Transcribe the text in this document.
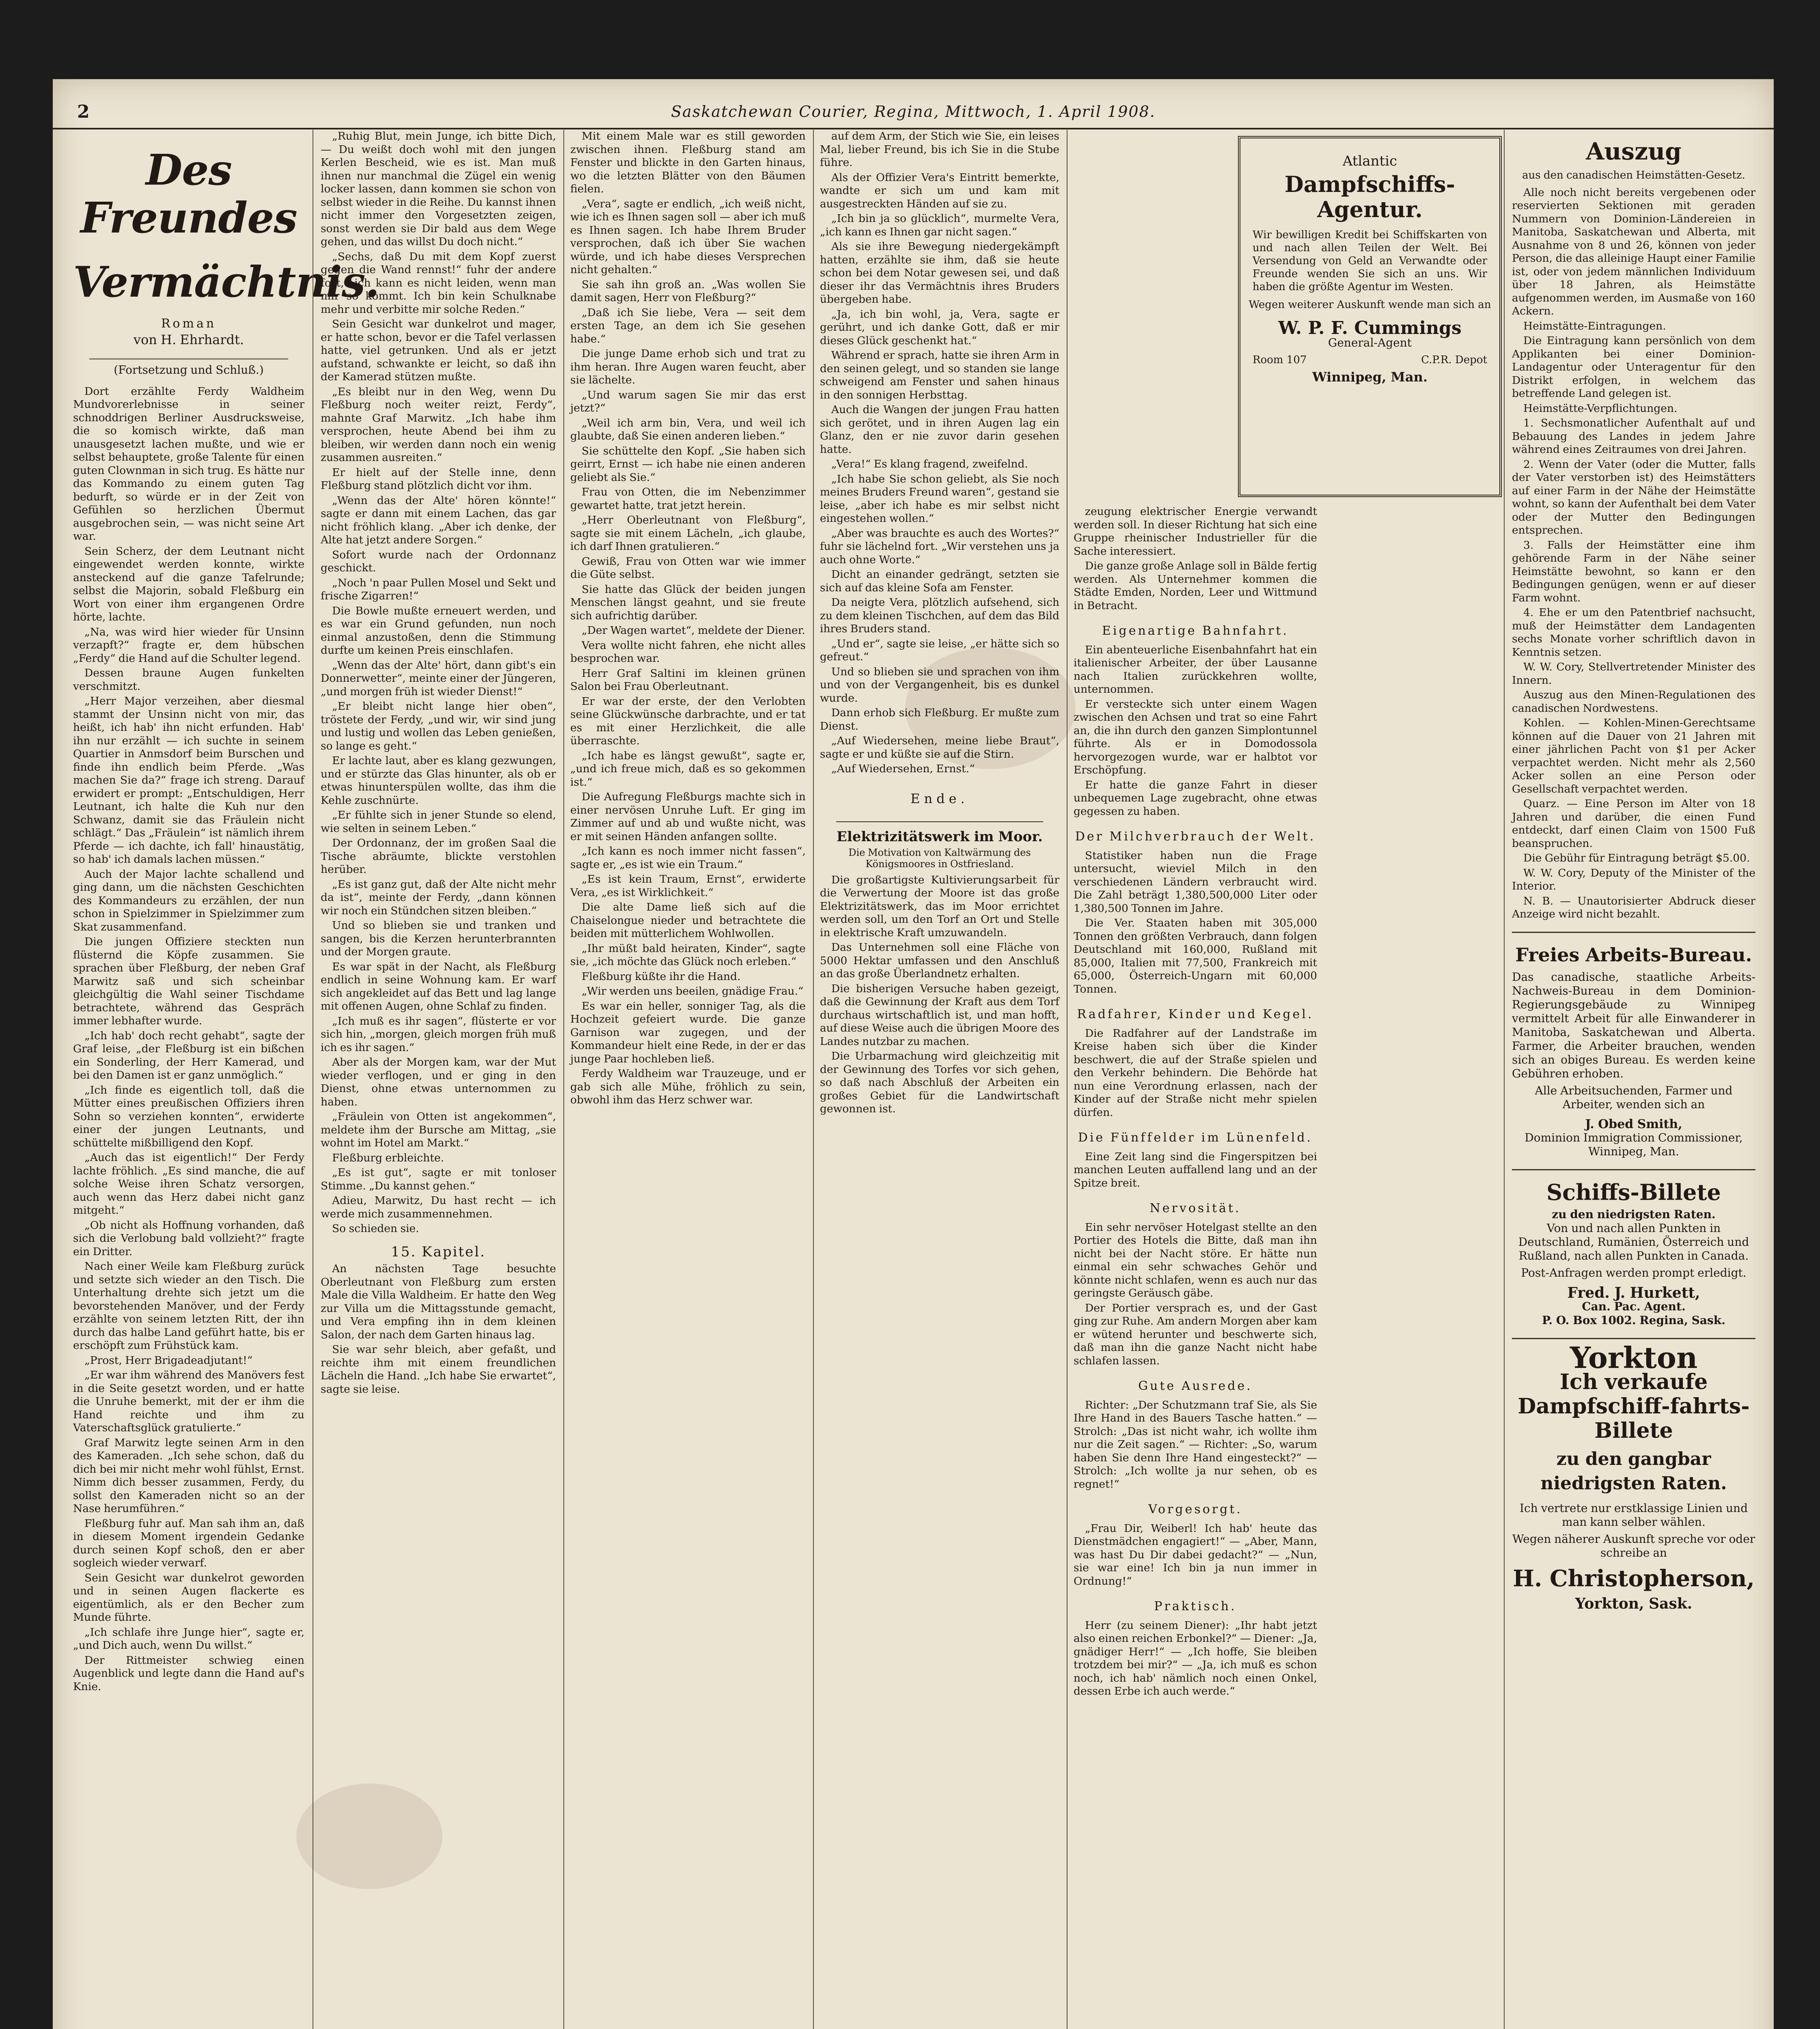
2	Saskatchewan Courier, Regina, Mittwoch, 1. April 1908.
Des Freundes
Vermächtnis.
Roman
von H. Ehrhardt.
(Fortsetzung und Schluß.)

Dort erzählte Ferdy Waldheim Mundvorerlebnisse in seiner schnoddrigen Berliner Ausdrucksweise, die so komisch wirkte, daß man unausgesetzt lachen mußte, und wie er selbst behauptete, große Talente für einen guten Clownman in sich trug. Es hätte nur das Kommando zu einem guten Tag bedurft, so würde er in der Zeit von Gefühlen so herzlichen Übermut ausgebrochen sein, — was nicht seine Art war.

Sein Scherz, der dem Leutnant nicht eingewendet werden konnte, wirkte ansteckend auf die ganze Tafelrunde; selbst die Majorin, sobald Fleßburg ein Wort von einer ihm ergangenen Ordre hörte, lachte.

„Na, was wird hier wieder für Unsinn verzapft?“ fragte er, dem hübschen „Ferdy“ die Hand auf die Schulter legend.

Dessen braune Augen funkelten verschmitzt.

„Herr Major verzeihen, aber diesmal stammt der Unsinn nicht von mir, das heißt, ich hab' ihn nicht erfunden. Hab' ihn nur erzählt — ich suchte in seinem Quartier in Anmsdorf beim Burschen und finde ihn endlich beim Pferde. „Was machen Sie da?“ frage ich streng. Darauf erwidert er prompt: „Entschuldigen, Herr Leutnant, ich halte die Kuh nur den Schwanz, damit sie das Fräulein nicht schlägt.“ Das „Fräulein“ ist nämlich ihrem Pferde — ich dachte, ich fall' hinaustätig, so hab' ich damals lachen müssen.“

Auch der Major lachte schallend und ging dann, um die nächsten Geschichten des Kommandeurs zu erzählen, der nun schon in Spielzimmer in Spielzimmer zum Skat zusammenfand.

Die jungen Offiziere steckten nun flüsternd die Köpfe zusammen. Sie sprachen über Fleßburg, der neben Graf Marwitz saß und sich scheinbar gleichgültig die Wahl seiner Tischdame betrachtete, während das Gespräch immer lebhafter wurde.

„Ich hab' doch recht gehabt“, sagte der Graf leise, „der Fleßburg ist ein bißchen ein Sonderling, der Herr Kamerad, und bei den Damen ist er ganz unmöglich.“

„Ich finde es eigentlich toll, daß die Mütter eines preußischen Offiziers ihren Sohn so verziehen konnten“, erwiderte einer der jungen Leutnants, und schüttelte mißbilligend den Kopf.

„Auch das ist eigentlich!“ Der Ferdy lachte fröhlich. „Es sind manche, die auf solche Weise ihren Schatz versorgen, auch wenn das Herz dabei nicht ganz mitgeht.“

„Ob nicht als Hoffnung vorhanden, daß sich die Verlobung bald vollzieht?“ fragte ein Dritter.

Nach einer Weile kam Fleßburg zurück und setzte sich wieder an den Tisch. Die Unterhaltung drehte sich jetzt um die bevorstehenden Manöver, und der Ferdy erzählte von seinem letzten Ritt, der ihn durch das halbe Land geführt hatte, bis er erschöpft zum Frühstück kam.

„Prost, Herr Brigadeadjutant!“

„Er war ihm während des Manövers fest in die Seite gesetzt worden, und er hatte die Unruhe bemerkt, mit der er ihm die Hand reichte und ihm zu Vaterschaftsglück gratulierte.“

Graf Marwitz legte seinen Arm in den des Kameraden. „Ich sehe schon, daß du dich bei mir nicht mehr wohl fühlst, Ernst. Nimm dich besser zusammen, Ferdy, du sollst den Kameraden nicht so an der Nase herumführen.“

Fleßburg fuhr auf. Man sah ihm an, daß in diesem Moment irgendein Gedanke durch seinen Kopf schoß, den er aber sogleich wieder verwarf.

Sein Gesicht war dunkelrot geworden und in seinen Augen flackerte es eigentümlich, als er den Becher zum Munde führte.

„Ich schlafe ihre Junge hier“, sagte er, „und Dich auch, wenn Du willst.“

Der Rittmeister schwieg einen Augenblick und legte dann die Hand auf's Knie.

„Ruhig Blut, mein Junge, ich bitte Dich, — Du weißt doch wohl mit den jungen Kerlen Bescheid, wie es ist. Man muß ihnen nur manchmal die Zügel ein wenig locker lassen, dann kommen sie schon von selbst wieder in die Reihe. Du kannst ihnen nicht immer den Vorgesetzten zeigen, sonst werden sie Dir bald aus dem Wege gehen, und das willst Du doch nicht.“

„Sechs, daß Du mit dem Kopf zuerst gegen die Wand rennst!“ fuhr der andere fort, „ich kann es nicht leiden, wenn man mir so kommt. Ich bin kein Schulknabe mehr und verbitte mir solche Reden.“

Sein Gesicht war dunkelrot und mager, er hatte schon, bevor er die Tafel verlassen hatte, viel getrunken. Und als er jetzt aufstand, schwankte er leicht, so daß ihn der Kamerad stützen mußte.

„Es bleibt nur in den Weg, wenn Du Fleßburg noch weiter reizt, Ferdy“, mahnte Graf Marwitz. „Ich habe ihm versprochen, heute Abend bei ihm zu bleiben, wir werden dann noch ein wenig zusammen ausreiten.“

Er hielt auf der Stelle inne, denn Fleßburg stand plötzlich dicht vor ihm.

„Wenn das der Alte' hören könnte!“ sagte er dann mit einem Lachen, das gar nicht fröhlich klang. „Aber ich denke, der Alte hat jetzt andere Sorgen.“

Sofort wurde nach der Ordonnanz geschickt.

„Noch 'n paar Pullen Mosel und Sekt und frische Zigarren!“

Die Bowle mußte erneuert werden, und es war ein Grund gefunden, nun noch einmal anzustoßen, denn die Stimmung durfte um keinen Preis einschlafen.

„Wenn das der Alte' hört, dann gibt's ein Donnerwetter“, meinte einer der Jüngeren, „und morgen früh ist wieder Dienst!“

„Er bleibt nicht lange hier oben“, tröstete der Ferdy, „und wir, wir sind jung und lustig und wollen das Leben genießen, so lange es geht.“

Er lachte laut, aber es klang gezwungen, und er stürzte das Glas hinunter, als ob er etwas hinunterspülen wollte, das ihm die Kehle zuschnürte.

„Er fühlte sich in jener Stunde so elend, wie selten in seinem Leben.“

Der Ordonnanz, der im großen Saal die Tische abräumte, blickte verstohlen herüber.

„Es ist ganz gut, daß der Alte nicht mehr da ist“, meinte der Ferdy, „dann können wir noch ein Stündchen sitzen bleiben.“

Und so blieben sie und tranken und sangen, bis die Kerzen herunterbrannten und der Morgen graute.

Es war spät in der Nacht, als Fleßburg endlich in seine Wohnung kam. Er warf sich angekleidet auf das Bett und lag lange mit offenen Augen, ohne Schlaf zu finden.

„Ich muß es ihr sagen“, flüsterte er vor sich hin, „morgen, gleich morgen früh muß ich es ihr sagen.“

Aber als der Morgen kam, war der Mut wieder verflogen, und er ging in den Dienst, ohne etwas unternommen zu haben.

„Fräulein von Otten ist angekommen“, meldete ihm der Bursche am Mittag, „sie wohnt im Hotel am Markt.“

Fleßburg erbleichte.

„Es ist gut“, sagte er mit tonloser Stimme. „Du kannst gehen.“

Adieu, Marwitz, Du hast recht — ich werde mich zusammennehmen.

So schieden sie.

15. Kapitel.

An nächsten Tage besuchte Oberleutnant von Fleßburg zum ersten Male die Villa Waldheim. Er hatte den Weg zur Villa um die Mittagsstunde gemacht, und Vera empfing ihn in dem kleinen Salon, der nach dem Garten hinaus lag.

Sie war sehr bleich, aber gefaßt, und reichte ihm mit einem freundlichen Lächeln die Hand. „Ich habe Sie erwartet“, sagte sie leise.

Mit einem Male war es still geworden zwischen ihnen. Fleßburg stand am Fenster und blickte in den Garten hinaus, wo die letzten Blätter von den Bäumen fielen.

„Vera“, sagte er endlich, „ich weiß nicht, wie ich es Ihnen sagen soll — aber ich muß es Ihnen sagen. Ich habe Ihrem Bruder versprochen, daß ich über Sie wachen würde, und ich habe dieses Versprechen nicht gehalten.“

Sie sah ihn groß an. „Was wollen Sie damit sagen, Herr von Fleßburg?“

„Daß ich Sie liebe, Vera — seit dem ersten Tage, an dem ich Sie gesehen habe.“

Die junge Dame erhob sich und trat zu ihm heran. Ihre Augen waren feucht, aber sie lächelte.

„Und warum sagen Sie mir das erst jetzt?“

„Weil ich arm bin, Vera, und weil ich glaubte, daß Sie einen anderen lieben.“

Sie schüttelte den Kopf. „Sie haben sich geirrt, Ernst — ich habe nie einen anderen geliebt als Sie.“

Frau von Otten, die im Nebenzimmer gewartet hatte, trat jetzt herein.

„Herr Oberleutnant von Fleßburg“, sagte sie mit einem Lächeln, „ich glaube, ich darf Ihnen gratulieren.“

Gewiß, Frau von Otten war wie immer die Güte selbst.

Sie hatte das Glück der beiden jungen Menschen längst geahnt, und sie freute sich aufrichtig darüber.

„Der Wagen wartet“, meldete der Diener.

Vera wollte nicht fahren, ehe nicht alles besprochen war.

Herr Graf Saltini im kleinen grünen Salon bei Frau Oberleutnant.

Er war der erste, der den Verlobten seine Glückwünsche darbrachte, und er tat es mit einer Herzlichkeit, die alle überraschte.

„Ich habe es längst gewußt“, sagte er, „und ich freue mich, daß es so gekommen ist.“

Die Aufregung Fleßburgs machte sich in einer nervösen Unruhe Luft. Er ging im Zimmer auf und ab und wußte nicht, was er mit seinen Händen anfangen sollte.

„Ich kann es noch immer nicht fassen“, sagte er, „es ist wie ein Traum.“

„Es ist kein Traum, Ernst“, erwiderte Vera, „es ist Wirklichkeit.“

Die alte Dame ließ sich auf die Chaiselongue nieder und betrachtete die beiden mit mütterlichem Wohlwollen.

„Ihr müßt bald heiraten, Kinder“, sagte sie, „ich möchte das Glück noch erleben.“

Fleßburg küßte ihr die Hand.

„Wir werden uns beeilen, gnädige Frau.“

Es war ein heller, sonniger Tag, als die Hochzeit gefeiert wurde. Die ganze Garnison war zugegen, und der Kommandeur hielt eine Rede, in der er das junge Paar hochleben ließ.

Ferdy Waldheim war Trauzeuge, und er gab sich alle Mühe, fröhlich zu sein, obwohl ihm das Herz schwer war.

auf dem Arm, der Stich wie Sie, ein leises Mal, lieber Freund, bis ich Sie in die Stube führe.

Als der Offizier Vera's Eintritt bemerkte, wandte er sich um und kam mit ausgestreckten Händen auf sie zu.

„Ich bin ja so glücklich“, murmelte Vera, „ich kann es Ihnen gar nicht sagen.“

Als sie ihre Bewegung niedergekämpft hatten, erzählte sie ihm, daß sie heute schon bei dem Notar gewesen sei, und daß dieser ihr das Vermächtnis ihres Bruders übergeben habe.

„Ja, ich bin wohl, ja, Vera, sagte er gerührt, und ich danke Gott, daß er mir dieses Glück geschenkt hat.“

Während er sprach, hatte sie ihren Arm in den seinen gelegt, und so standen sie lange schweigend am Fenster und sahen hinaus in den sonnigen Herbsttag.

Auch die Wangen der jungen Frau hatten sich gerötet, und in ihren Augen lag ein Glanz, den er nie zuvor darin gesehen hatte.

„Vera!“ Es klang fragend, zweifelnd.

„Ich habe Sie schon geliebt, als Sie noch meines Bruders Freund waren“, gestand sie leise, „aber ich habe es mir selbst nicht eingestehen wollen.“

„Aber was brauchte es auch des Wortes?“ fuhr sie lächelnd fort. „Wir verstehen uns ja auch ohne Worte.“

Dicht an einander gedrängt, setzten sie sich auf das kleine Sofa am Fenster.

Da neigte Vera, plötzlich aufsehend, sich zu dem kleinen Tischchen, auf dem das Bild ihres Bruders stand.

„Und er“, sagte sie leise, „er hätte sich so gefreut.“

Und so blieben sie und sprachen von ihm und von der Vergangenheit, bis es dunkel wurde.

Dann erhob sich Fleßburg. Er mußte zum Dienst.

„Auf Wiedersehen, meine liebe Braut“, sagte er und küßte sie auf die Stirn.

„Auf Wiedersehen, Ernst.“

Ende.
Elektrizitätswerk im Moor.
Die Motivation von Kaltwärmung des Königsmoores in Ostfriesland.

Die großartigste Kultivierungsarbeit für die Verwertung der Moore ist das große Elektrizitätswerk, das im Moor errichtet werden soll, um den Torf an Ort und Stelle in elektrische Kraft umzuwandeln.

Das Unternehmen soll eine Fläche von 5000 Hektar umfassen und den Anschluß an das große Überlandnetz erhalten.

Die bisherigen Versuche haben gezeigt, daß die Gewinnung der Kraft aus dem Torf durchaus wirtschaftlich ist, und man hofft, auf diese Weise auch die übrigen Moore des Landes nutzbar zu machen.

Die Urbarmachung wird gleichzeitig mit der Gewinnung des Torfes vor sich gehen, so daß nach Abschluß der Arbeiten ein großes Gebiet für die Landwirtschaft gewonnen ist.

Atlantic
Dampfschiffs-Agentur.
Wir bewilligen Kredit bei Schiffskarten von und nach allen Teilen der Welt. Bei Versendung von Geld an Verwandte oder Freunde wenden Sie sich an uns. Wir haben die größte Agentur im Westen.
Wegen weiterer Auskunft wende man sich an
W. P. F. Cummings
General-Agent
Room 107	C.P.R. Depot
Winnipeg, Man.

zeugung elektrischer Energie verwandt werden soll. In dieser Richtung hat sich eine Gruppe rheinischer Industrieller für die Sache interessiert.

Die ganze große Anlage soll in Bälde fertig werden. Als Unternehmer kommen die Städte Emden, Norden, Leer und Wittmund in Betracht.

Eigenartige Bahnfahrt.

Ein abenteuerliche Eisenbahnfahrt hat ein italienischer Arbeiter, der über Lausanne nach Italien zurückkehren wollte, unternommen.

Er versteckte sich unter einem Wagen zwischen den Achsen und trat so eine Fahrt an, die ihn durch den ganzen Simplontunnel führte. Als er in Domodossola hervorgezogen wurde, war er halbtot vor Erschöpfung.

Er hatte die ganze Fahrt in dieser unbequemen Lage zugebracht, ohne etwas gegessen zu haben.

Der Milchverbrauch der Welt.

Statistiker haben nun die Frage untersucht, wieviel Milch in den verschiedenen Ländern verbraucht wird. Die Zahl beträgt 1,380,500,000 Liter oder 1,380,500 Tonnen im Jahre.

Die Ver. Staaten haben mit 305,000 Tonnen den größten Verbrauch, dann folgen Deutschland mit 160,000, Rußland mit 85,000, Italien mit 77,500, Frankreich mit 65,000, Österreich-Ungarn mit 60,000 Tonnen.

Radfahrer, Kinder und Kegel.

Die Radfahrer auf der Landstraße im Kreise haben sich über die Kinder beschwert, die auf der Straße spielen und den Verkehr behindern. Die Behörde hat nun eine Verordnung erlassen, nach der Kinder auf der Straße nicht mehr spielen dürfen.

Die Fünffelder im Lünenfeld.

Eine Zeit lang sind die Fingerspitzen bei manchen Leuten auffallend lang und an der Spitze breit.

Nervosität.

Ein sehr nervöser Hotelgast stellte an den Portier des Hotels die Bitte, daß man ihn nicht bei der Nacht störe. Er hätte nun einmal ein sehr schwaches Gehör und könnte nicht schlafen, wenn es auch nur das geringste Geräusch gäbe.

Der Portier versprach es, und der Gast ging zur Ruhe. Am andern Morgen aber kam er wütend herunter und beschwerte sich, daß man ihn die ganze Nacht nicht habe schlafen lassen.

Gute Ausrede.

Richter: „Der Schutzmann traf Sie, als Sie Ihre Hand in des Bauers Tasche hatten.“ — Strolch: „Das ist nicht wahr, ich wollte ihm nur die Zeit sagen.“ — Richter: „So, warum haben Sie denn Ihre Hand eingesteckt?“ — Strolch: „Ich wollte ja nur sehen, ob es regnet!“

Vorgesorgt.

„Frau Dir, Weiberl! Ich hab' heute das Dienstmädchen engagiert!“ — „Aber, Mann, was hast Du Dir dabei gedacht?“ — „Nun, sie war eine! Ich bin ja nun immer in Ordnung!“

Praktisch.

Herr (zu seinem Diener): „Ihr habt jetzt also einen reichen Erbonkel?“ — Diener: „Ja, gnädiger Herr!“ — „Ich hoffe, Sie bleiben trotzdem bei mir?“ — „Ja, ich muß es schon noch, ich hab' nämlich noch einen Onkel, dessen Erbe ich auch werde.“

Auszug
aus den canadischen Heimstätten-Gesetz.

Alle noch nicht bereits vergebenen oder reservierten Sektionen mit geraden Nummern von Dominion-Ländereien in Manitoba, Saskatchewan und Alberta, mit Ausnahme von 8 und 26, können von jeder Person, die das alleinige Haupt einer Familie ist, oder von jedem männlichen Individuum über 18 Jahren, als Heimstätte aufgenommen werden, im Ausmaße von 160 Ackern.

Heimstätte-Eintragungen.

Die Eintragung kann persönlich von dem Applikanten bei einer Dominion-Landagentur oder Unteragentur für den Distrikt erfolgen, in welchem das betreffende Land gelegen ist.

Heimstätte-Verpflichtungen.

1. Sechsmonatlicher Aufenthalt auf und Bebauung des Landes in jedem Jahre während eines Zeitraumes von drei Jahren.

2. Wenn der Vater (oder die Mutter, falls der Vater verstorben ist) des Heimstätters auf einer Farm in der Nähe der Heimstätte wohnt, so kann der Aufenthalt bei dem Vater oder der Mutter den Bedingungen entsprechen.

3. Falls der Heimstätter eine ihm gehörende Farm in der Nähe seiner Heimstätte bewohnt, so kann er den Bedingungen genügen, wenn er auf dieser Farm wohnt.

4. Ehe er um den Patentbrief nachsucht, muß der Heimstätter dem Landagenten sechs Monate vorher schriftlich davon in Kenntnis setzen.

W. W. Cory, Stellvertretender Minister des Innern.

Auszug aus den Minen-Regulationen des canadischen Nordwestens.

Kohlen. — Kohlen-Minen-Gerechtsame können auf die Dauer von 21 Jahren mit einer jährlichen Pacht von $1 per Acker verpachtet werden. Nicht mehr als 2,560 Acker sollen an eine Person oder Gesellschaft verpachtet werden.

Quarz. — Eine Person im Alter von 18 Jahren und darüber, die einen Fund entdeckt, darf einen Claim von 1500 Fuß beanspruchen.

Die Gebühr für Eintragung beträgt $5.00.

W. W. Cory, Deputy of the Minister of the Interior.

N. B. — Unautorisierter Abdruck dieser Anzeige wird nicht bezahlt.

Freies Arbeits-Bureau.
Das canadische, staatliche Arbeits-Nachweis-Bureau in dem Dominion-Regierungsgebäude zu Winnipeg vermittelt Arbeit für alle Einwanderer in Manitoba, Saskatchewan und Alberta. Farmer, die Arbeiter brauchen, wenden sich an obiges Bureau. Es werden keine Gebühren erhoben.
Alle Arbeitsuchenden, Farmer und Arbeiter, wenden sich an
J. Obed Smith,
Dominion Immigration Commissioner, Winnipeg, Man.
Schiffs-Billete
zu den niedrigsten Raten.
Von und nach allen Punkten in Deutschland, Rumänien, Österreich und Rußland, nach allen Punkten in Canada.
Post-Anfragen werden prompt erledigt.
Fred. J. Hurkett,
Can. Pac. Agent.
P. O. Box 1002. Regina, Sask.
Yorkton
Ich verkaufe Dampfschiff-fahrts-Billete
zu den gangbar niedrigsten Raten.
Ich vertrete nur erstklassige Linien und man kann selber wählen.
Wegen näherer Auskunft spreche vor oder schreibe an
H. Christopherson,
Yorkton, Sask.
